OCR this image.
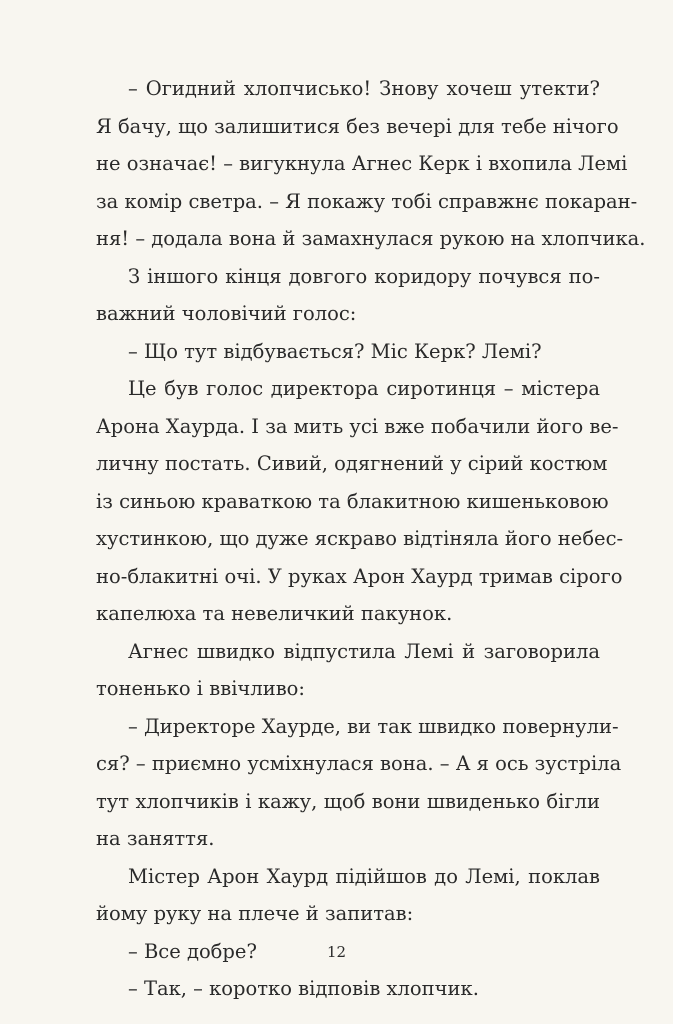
– Огидний хлопчисько! Знову хочеш утекти?
Я бачу, що залишитися без вечері для тебе нічого
не означає! – вигукнула Агнес Керк і вхопила Лемі
за комір светра. – Я покажу тобі справжнє покаран-
ня! – додала вона й замахнулася рукою на хлопчика.
З іншого кінця довгого коридору почувся по-
важний чоловічий голос:
– Що тут відбувається? Міс Керк? Лемі?
Це був голос директора сиротинця – містера
Арона Хаурда. І за мить усі вже побачили його ве-
личну постать. Сивий, одягнений у сірий костюм
із синьою краваткою та блакитною кишеньковою
хустинкою, що дуже яскраво відтіняла його небес-
но-блакитні очі. У руках Арон Хаурд тримав сірого
капелюха та невеличкий пакунок.
Агнес швидко відпустила Лемі й заговорила
тоненько і ввічливо:
– Директоре Хаурде, ви так швидко повернули-
ся? – приємно усміхнулася вона. – А я ось зустріла
тут хлопчиків і кажу, щоб вони швиденько бігли
на заняття.
Містер Арон Хаурд підійшов до Лемі, поклав
йому руку на плече й запитав:
– Все добре?
– Так, – коротко відповів хлопчик.
12
